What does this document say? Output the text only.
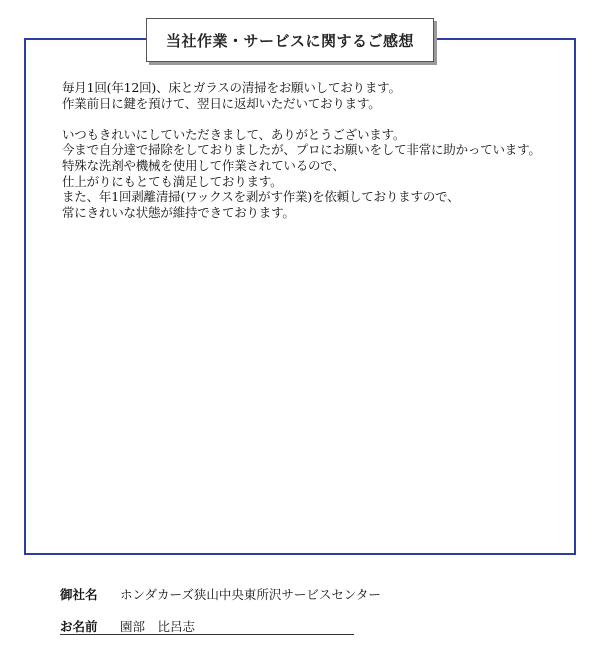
当社作業・サービスに関するご感想
毎月1回(年12回)、床とガラスの清掃をお願いしております。
作業前日に鍵を預けて、翌日に返却いただいております。
いつもきれいにしていただきまして、ありがとうございます。
今まで自分達で掃除をしておりましたが、プロにお願いをして非常に助かっています。
特殊な洗剤や機械を使用して作業されているので、
仕上がりにもとても満足しております。
また、年1回剥離清掃(ワックスを剥がす作業)を依頼しておりますので、
常にきれいな状態が維持できております。
御社名 ホンダカーズ狭山中央東所沢サービスセンター
お名前 園部　比呂志
